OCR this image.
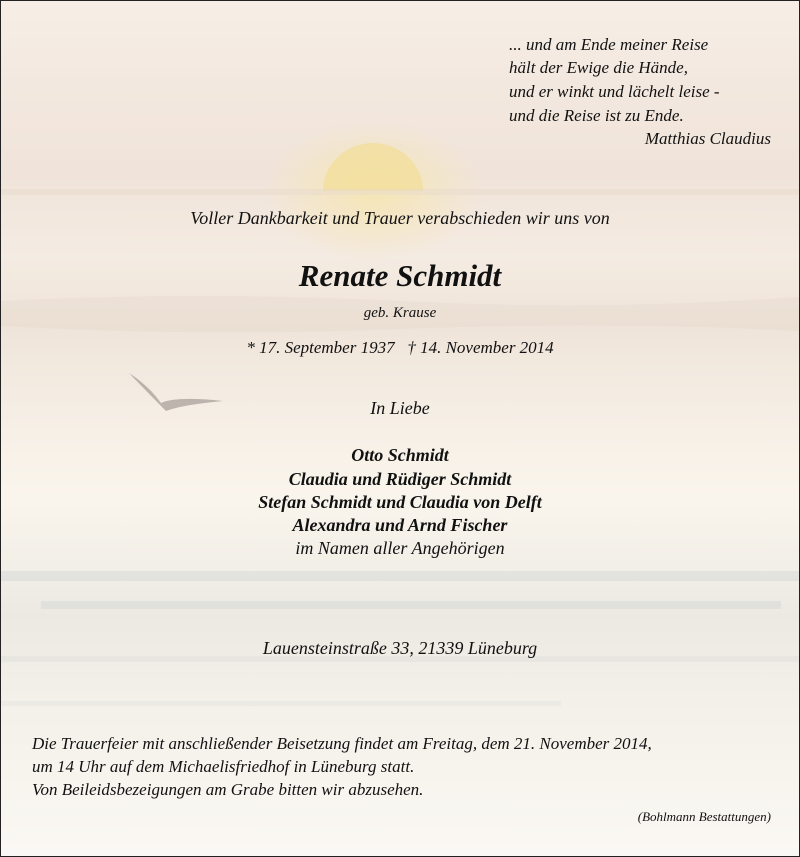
... und am Ende meiner Reise
hält der Ewige die Hände,
und er winkt und lächelt leise -
und die Reise ist zu Ende.
Matthias Claudius
Voller Dankbarkeit und Trauer verabschieden wir uns von
Renate Schmidt
geb. Krause
* 17. September 1937   † 14. November 2014
In Liebe
Otto Schmidt
Claudia und Rüdiger Schmidt
Stefan Schmidt und Claudia von Delft
Alexandra und Arnd Fischer
im Namen aller Angehörigen
Lauensteinstraße 33, 21339 Lüneburg
Die Trauerfeier mit anschließender Beisetzung findet am Freitag, dem 21. November 2014,
um 14 Uhr auf dem Michaelisfriedhof in Lüneburg statt.
Von Beileidsbezeigungen am Grabe bitten wir abzusehen.
(Bohlmann Bestattungen)
